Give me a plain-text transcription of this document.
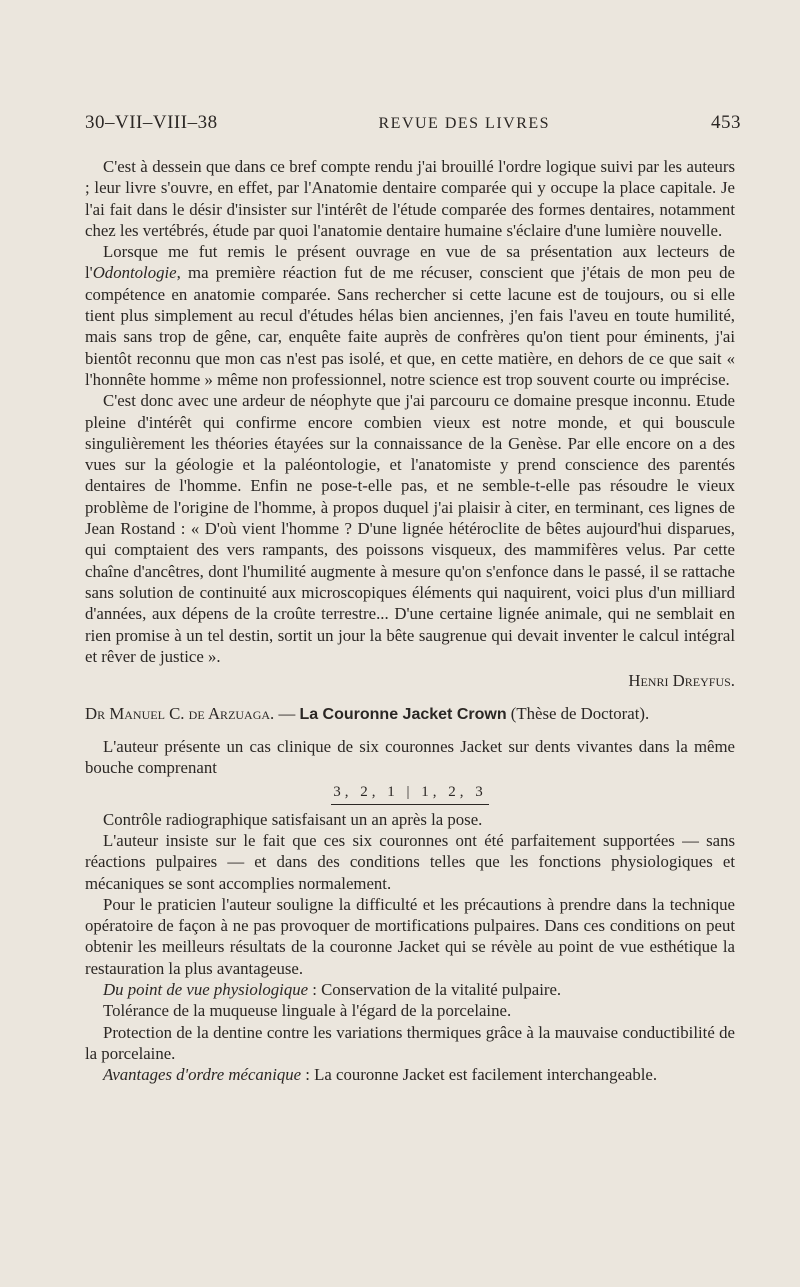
30–VII–VIII–38	REVUE DES LIVRES	453

C'est à dessein que dans ce bref compte rendu j'ai brouillé l'ordre logique suivi par les auteurs ; leur livre s'ouvre, en effet, par l'Anatomie dentaire comparée qui y occupe la place capitale. Je l'ai fait dans le désir d'insister sur l'intérêt de l'étude comparée des formes dentaires, notamment chez les vertébrés, étude par quoi l'anatomie dentaire humaine s'éclaire d'une lumière nouvelle.

Lorsque me fut remis le présent ouvrage en vue de sa présentation aux lecteurs de l'Odontologie, ma première réaction fut de me récuser, conscient que j'étais de mon peu de compétence en anatomie comparée. Sans rechercher si cette lacune est de toujours, ou si elle tient plus simplement au recul d'études hélas bien anciennes, j'en fais l'aveu en toute humilité, mais sans trop de gêne, car, enquête faite auprès de confrères qu'on tient pour éminents, j'ai bientôt reconnu que mon cas n'est pas isolé, et que, en cette matière, en dehors de ce que sait « l'honnête homme » même non professionnel, notre science est trop souvent courte ou imprécise.

C'est donc avec une ardeur de néophyte que j'ai parcouru ce domaine presque inconnu. Etude pleine d'intérêt qui confirme encore combien vieux est notre monde, et qui bouscule singulièrement les théories étayées sur la connaissance de la Genèse. Par elle encore on a des vues sur la géologie et la paléontologie, et l'anatomiste y prend conscience des parentés dentaires de l'homme. Enfin ne pose-t-elle pas, et ne semble-t-elle pas résoudre le vieux problème de l'origine de l'homme, à propos duquel j'ai plaisir à citer, en terminant, ces lignes de Jean Rostand : « D'où vient l'homme ? D'une lignée hétéroclite de bêtes aujourd'hui disparues, qui comptaient des vers rampants, des poissons visqueux, des mammifères velus. Par cette chaîne d'ancêtres, dont l'humilité augmente à mesure qu'on s'enfonce dans le passé, il se rattache sans solution de continuité aux microscopiques éléments qui naquirent, voici plus d'un milliard d'années, aux dépens de la croûte terrestre... D'une certaine lignée animale, qui ne semblait en rien promise à un tel destin, sortit un jour la bête saugrenue qui devait inventer le calcul intégral et rêver de justice ».

Henri Dreyfus.

Dr Manuel C. de Arzuaga. — La Couronne Jacket Crown (Thèse de Doctorat).

L'auteur présente un cas clinique de six couronnes Jacket sur dents vivantes dans la même bouche comprenant

3, 2, 1 | 1, 2, 3

Contrôle radiographique satisfaisant un an après la pose.

L'auteur insiste sur le fait que ces six couronnes ont été parfaitement supportées — sans réactions pulpaires — et dans des conditions telles que les fonctions physiologiques et mécaniques se sont accomplies normalement.

Pour le praticien l'auteur souligne la difficulté et les précautions à prendre dans la technique opératoire de façon à ne pas provoquer de mortifications pulpaires. Dans ces conditions on peut obtenir les meilleurs résultats de la couronne Jacket qui se révèle au point de vue esthétique la restauration la plus avantageuse.

Du point de vue physiologique : Conservation de la vitalité pulpaire.

Tolérance de la muqueuse linguale à l'égard de la porcelaine.

Protection de la dentine contre les variations thermiques grâce à la mauvaise conductibilité de la porcelaine.

Avantages d'ordre mécanique : La couronne Jacket est facilement interchangeable.
